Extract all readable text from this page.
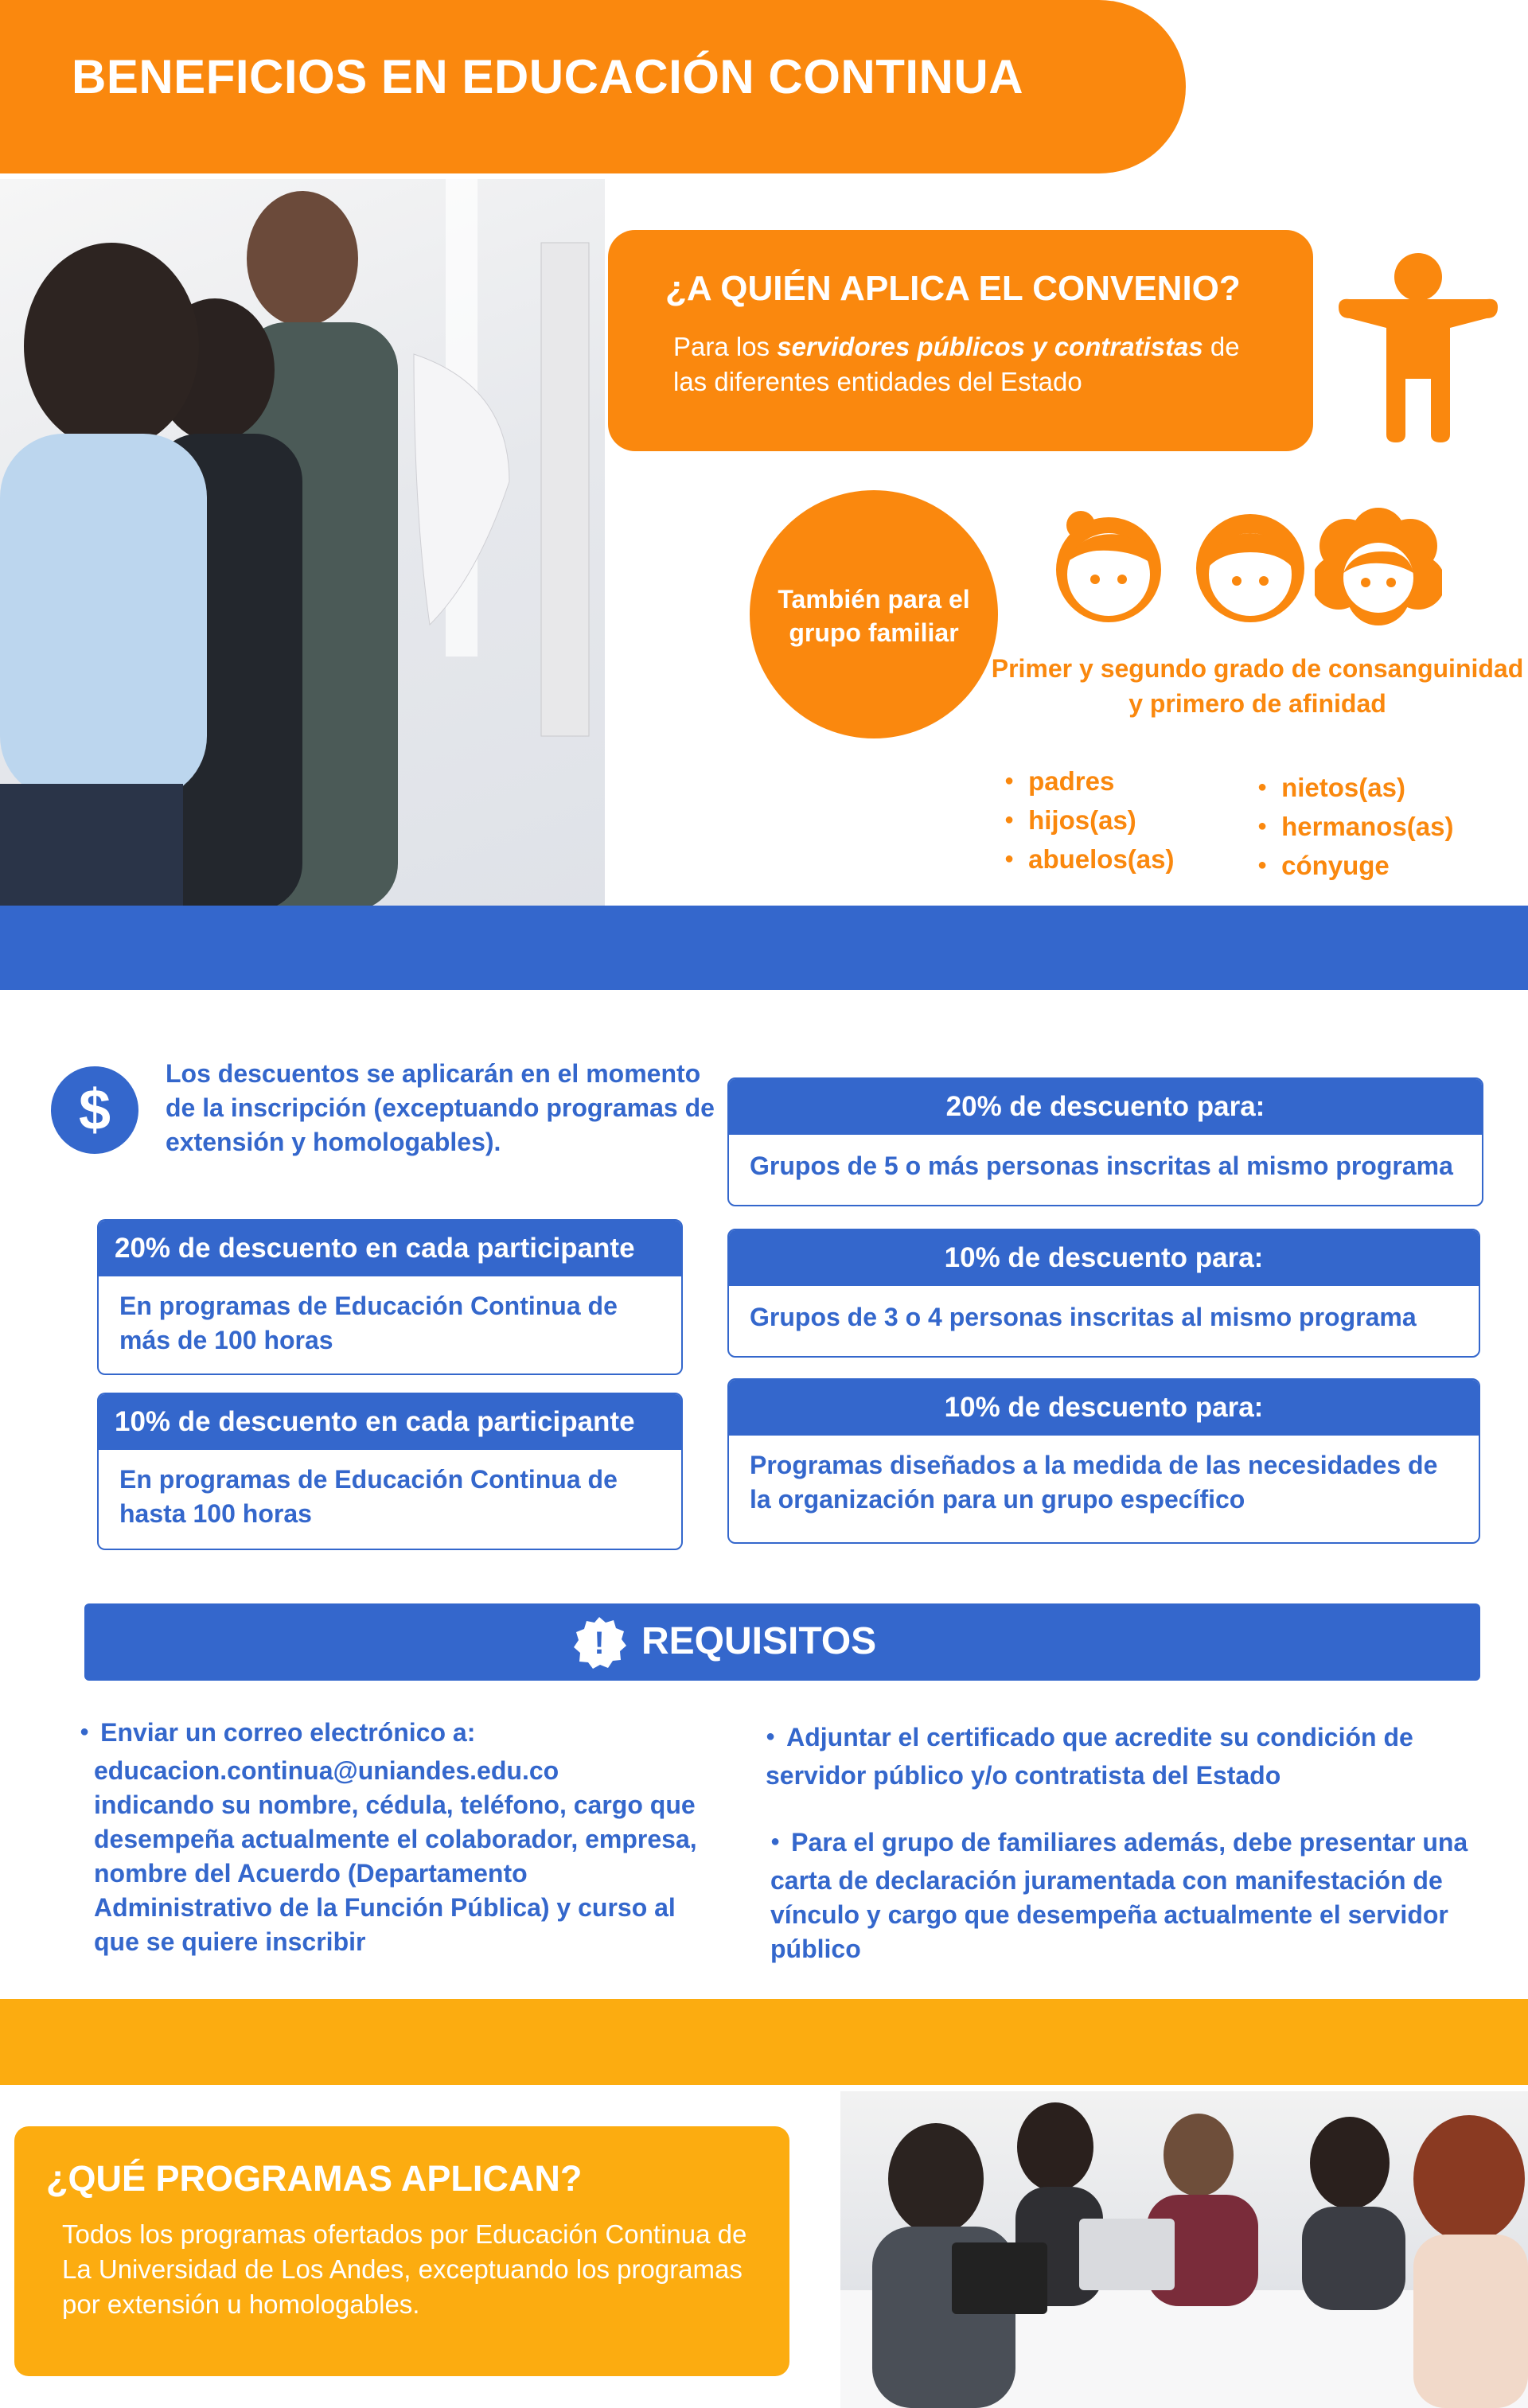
BENEFICIOS EN EDUCACIÓN CONTINUA
¿A QUIÉN APLICA EL CONVENIO?

Para los servidores públicos y contratistas de las diferentes entidades del Estado

También para el grupo familiar

Primer y segundo grado de consanguinidad y primero de afinidad

● padres
● hijos(as)
● abuelos(as)
● nietos(as)
● hermanos(as)
● cónyuge
$

Los descuentos se aplicarán en el momento de la inscripción (exceptuando programas de extensión y homologables).

20% de descuento en cada participante
En programas de Educación Continua de más de 100 horas
10% de descuento en cada participante
En programas de Educación Continua de hasta 100 horas
20% de descuento para:
Grupos de 5 o más personas inscritas al mismo programa
10% de descuento para:
Grupos de 3 o 4 personas inscritas al mismo programa
10% de descuento para:
Programas diseñados a la medida de las necesidades de la organización para un grupo específico
! REQUISITOS
● Enviar un correo electrónico a:
educacion.continua@uniandes.edu.co
indicando su nombre, cédula, teléfono, cargo que desempeña actualmente el colaborador, empresa, nombre del Acuerdo (Departamento Administrativo de la Función Pública) y curso al que se quiere inscribir
● Adjuntar el certificado que acredite su condición de servidor público y/o contratista del Estado
● Para el grupo de familiares además, debe presentar una carta de declaración juramentada con manifestación de vínculo y cargo que desempeña actualmente el servidor público
¿QUÉ PROGRAMAS APLICAN?

Todos los programas ofertados por Educación Continua de La Universidad de Los Andes, exceptuando los programas por extensión u homologables.
